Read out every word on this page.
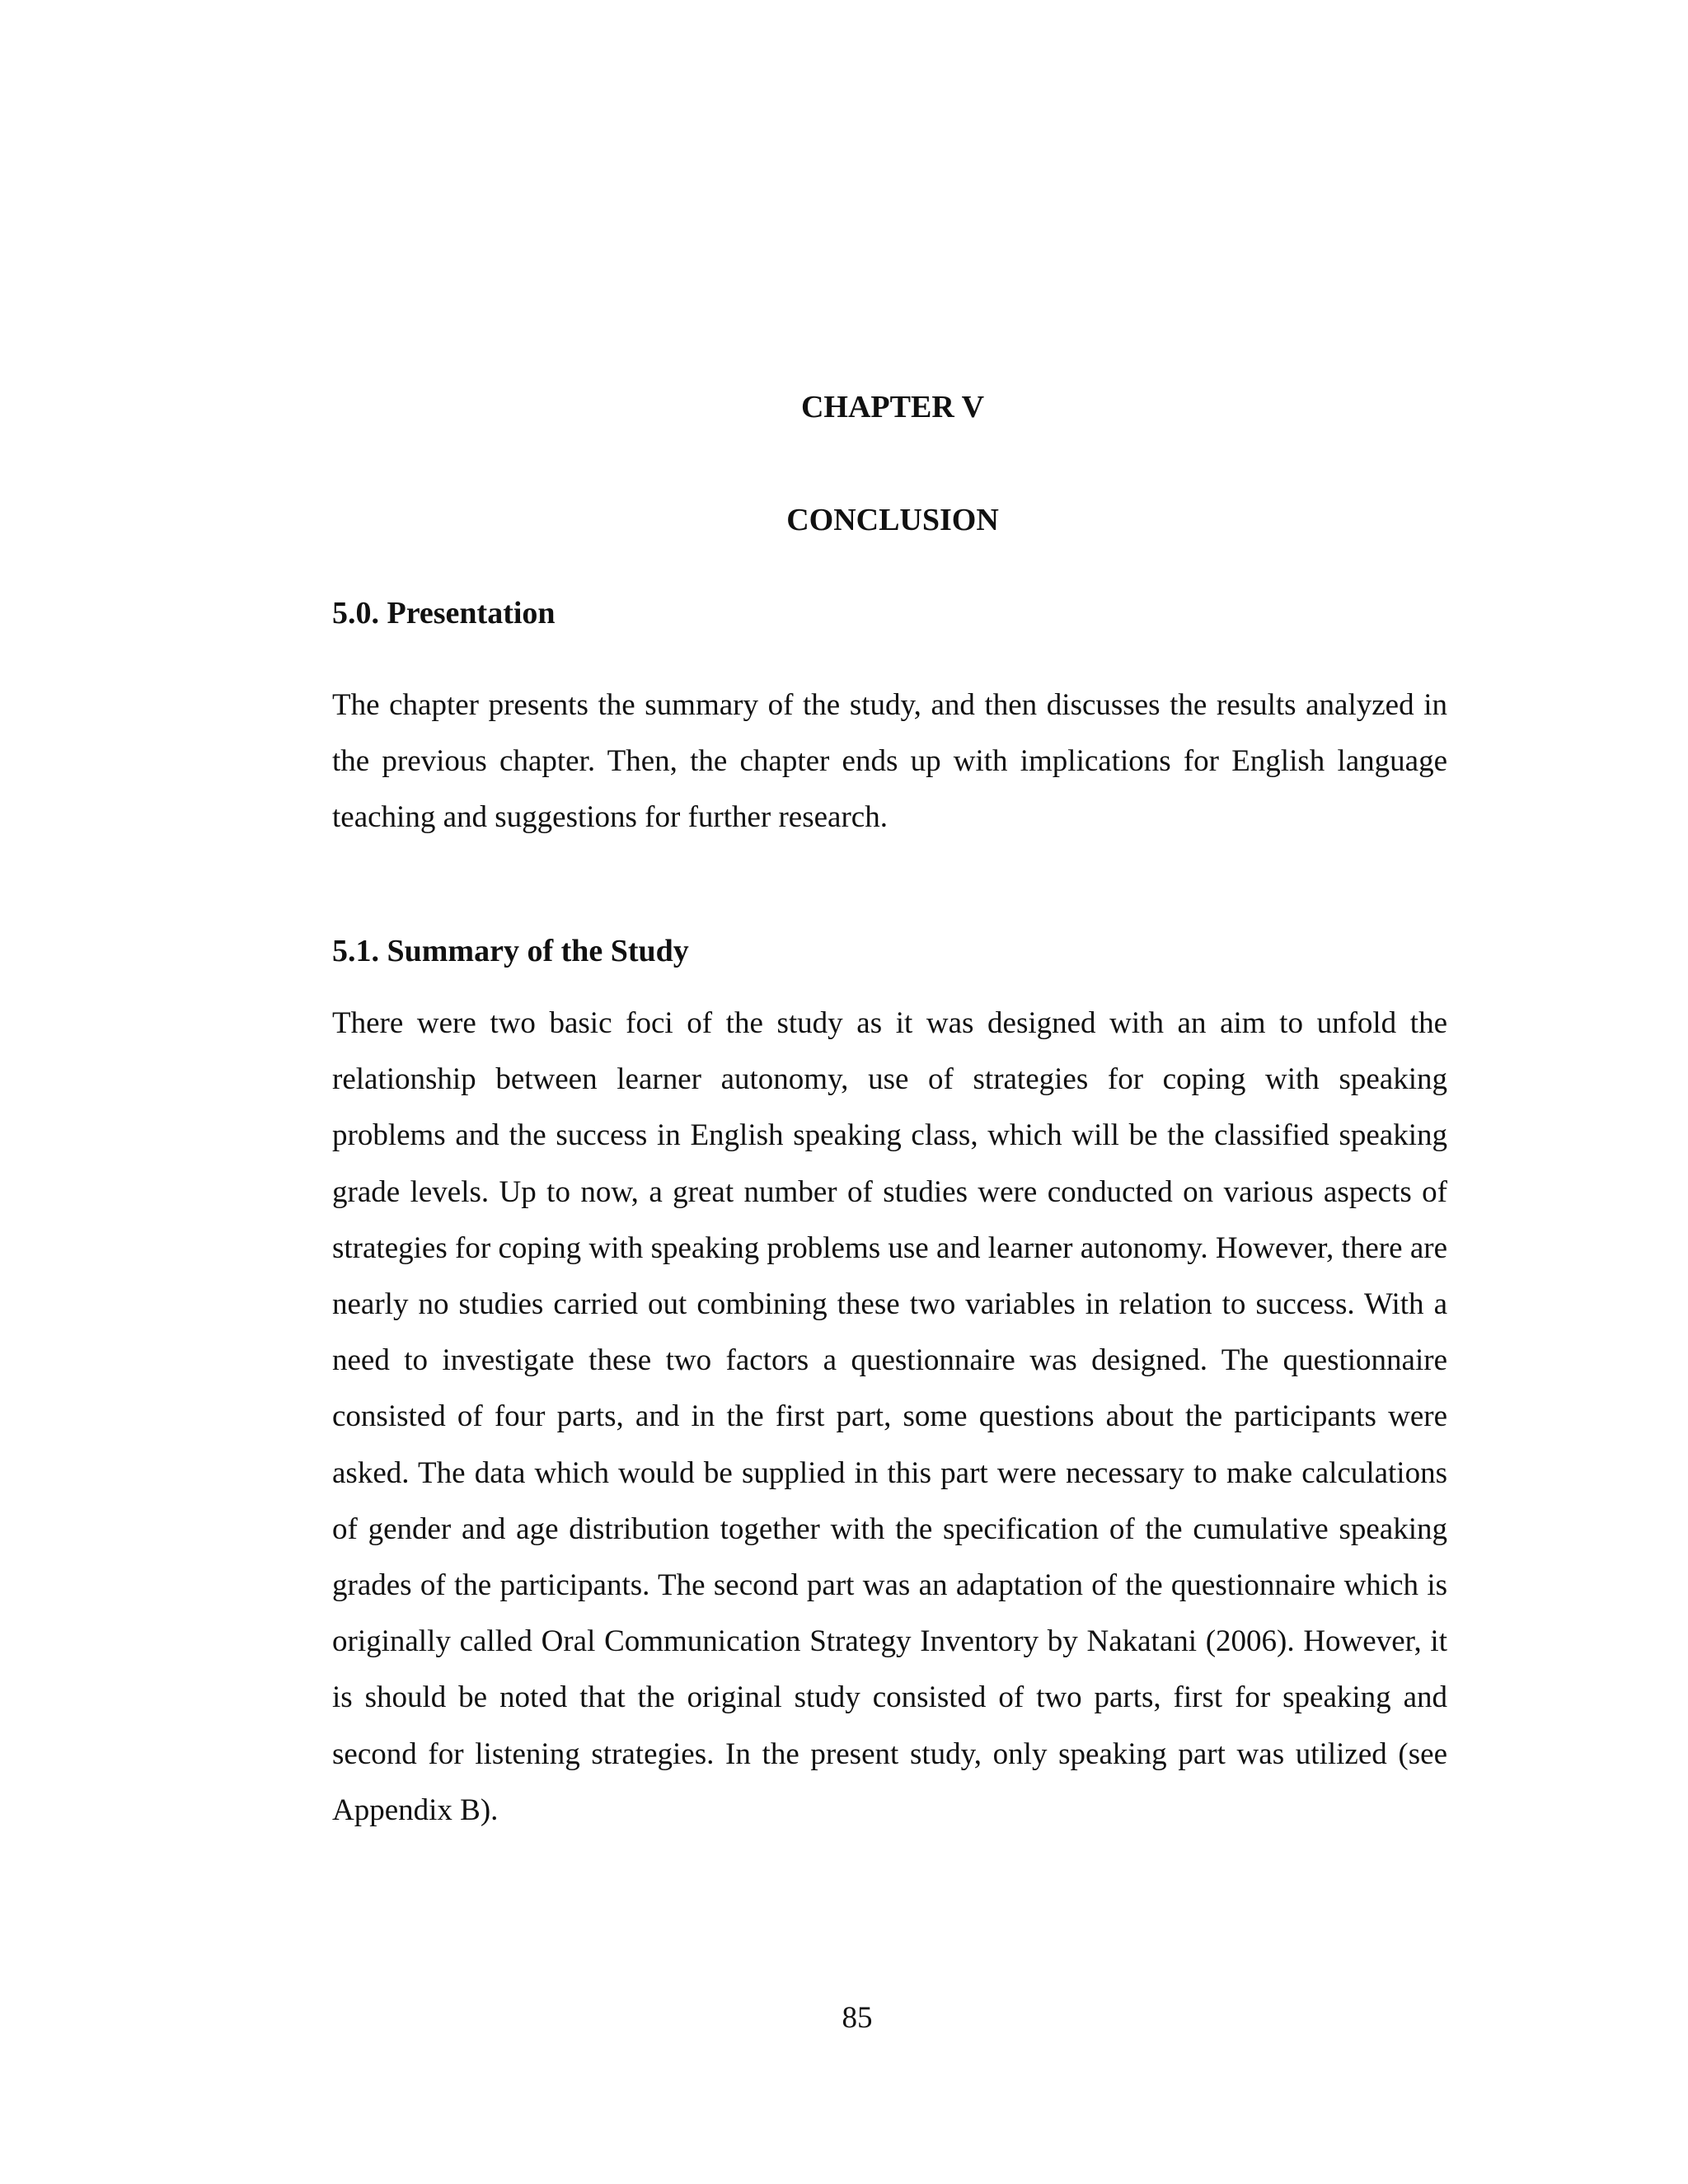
CHAPTER V
CONCLUSION
5.0. Presentation

The chapter presents the summary of the study, and then discusses the results analyzed in the previous chapter. Then, the chapter ends up with implications for English language teaching and suggestions for further research.

5.1. Summary of the Study

There were two basic foci of the study as it was designed with an aim to unfold the relationship between learner autonomy, use of strategies for coping with speaking problems and the success in English speaking class, which will be the classified speaking grade levels. Up to now, a great number of studies were conducted on various aspects of strategies for coping with speaking problems use and learner autonomy. However, there are nearly no studies carried out combining these two variables in relation to success. With a need to investigate these two factors a questionnaire was designed. The questionnaire consisted of four parts, and in the first part, some questions about the participants were asked. The data which would be supplied in this part were necessary to make calculations of gender and age distribution together with the specification of the cumulative speaking grades of the participants. The second part was an adaptation of the questionnaire which is originally called Oral Communication Strategy Inventory by Nakatani (2006). However, it is should be noted that the original study consisted of two parts, first for speaking and second for listening strategies. In the present study, only speaking part was utilized (see Appendix B).

85
